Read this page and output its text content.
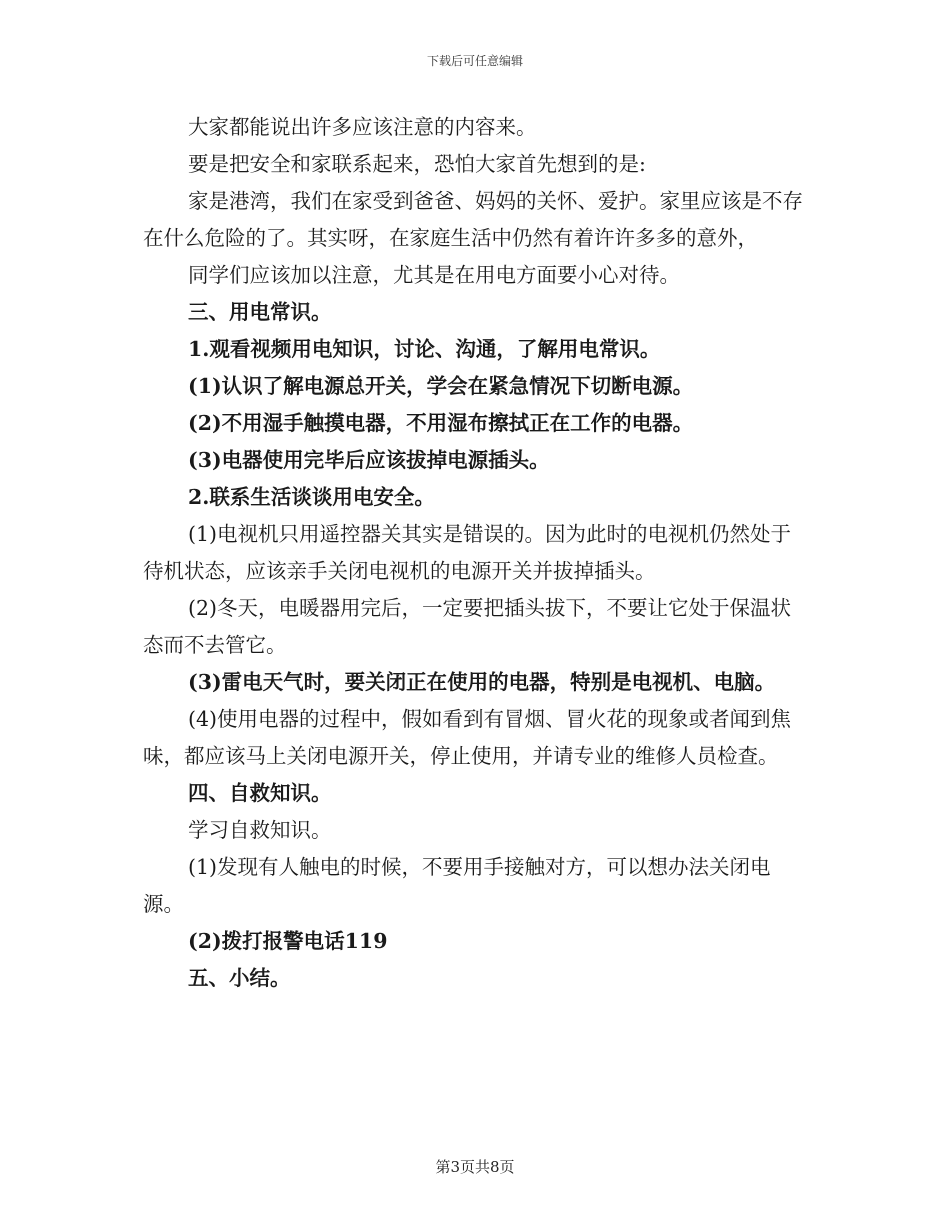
下载后可任意编辑

大家都能说出许多应该注意的内容来。

要是把安全和家联系起来，恐怕大家首先想到的是:

家是港湾，我们在家受到爸爸、妈妈的关怀、爱护。家里应该是不存在什么危险的了。其实呀，在家庭生活中仍然有着许许多多的意外，

同学们应该加以注意，尤其是在用电方面要小心对待。

三、用电常识。

1.观看视频用电知识，讨论、沟通，了解用电常识。

(1)认识了解电源总开关，学会在紧急情况下切断电源。

(2)不用湿手触摸电器，不用湿布擦拭正在工作的电器。

(3)电器使用完毕后应该拔掉电源插头。

2.联系生活谈谈用电安全。

(1)电视机只用遥控器关其实是错误的。因为此时的电视机仍然处于待机状态，应该亲手关闭电视机的电源开关并拔掉插头。

(2)冬天，电暖器用完后，一定要把插头拔下，不要让它处于保温状态而不去管它。

(3)雷电天气时，要关闭正在使用的电器，特别是电视机、电脑。

(4)使用电器的过程中，假如看到有冒烟、冒火花的现象或者闻到焦味，都应该马上关闭电源开关，停止使用，并请专业的维修人员检查。

四、自救知识。

学习自救知识。

(1)发现有人触电的时候，不要用手接触对方，可以想办法关闭电源。

(2)拨打报警电话119

五、小结。

第3页共8页
